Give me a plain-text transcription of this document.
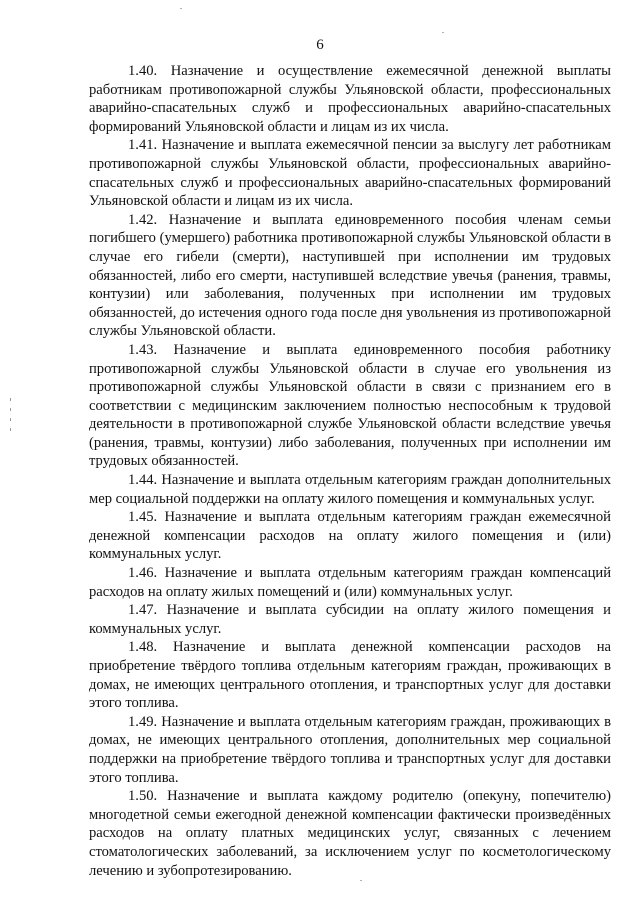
6

1.40. Назначение и осуществление ежемесячной денежной выплаты работникам противопожарной службы Ульяновской области, профессиональных аварийно-спасательных служб и профессиональных аварийно-спасательных формирований Ульяновской области и лицам из их числа.

1.41. Назначение и выплата ежемесячной пенсии за выслугу лет работникам противопожарной службы Ульяновской области, профессиональных аварийно-спасательных служб и профессиональных аварийно-спасательных формирований Ульяновской области и лицам из их числа.

1.42. Назначение и выплата единовременного пособия членам семьи погибшего (умершего) работника противопожарной службы Ульяновской области в случае его гибели (смерти), наступившей при исполнении им трудовых обязанностей, либо его смерти, наступившей вследствие увечья (ранения, травмы, контузии) или заболевания, полученных при исполнении им трудовых обязанностей, до истечения одного года после дня увольнения из противопожарной службы Ульяновской области.

1.43. Назначение и выплата единовременного пособия работнику противопожарной службы Ульяновской области в случае его увольнения из противопожарной службы Ульяновской области в связи с признанием его в соответствии с медицинским заключением полностью неспособным к трудовой деятельности в противопожарной службе Ульяновской области вследствие увечья (ранения, травмы, контузии) либо заболевания, полученных при исполнении им трудовых обязанностей.

1.44. Назначение и выплата отдельным категориям граждан дополнительных мер социальной поддержки на оплату жилого помещения и коммунальных услуг.

1.45. Назначение и выплата отдельным категориям граждан ежемесячной денежной компенсации расходов на оплату жилого помещения и (или) коммунальных услуг.

1.46. Назначение и выплата отдельным категориям граждан компенсаций расходов на оплату жилых помещений и (или) коммунальных услуг.

1.47. Назначение и выплата субсидии на оплату жилого помещения и коммунальных услуг.

1.48. Назначение и выплата денежной компенсации расходов на приобретение твёрдого топлива отдельным категориям граждан, проживающих в домах, не имеющих центрального отопления, и транспортных услуг для доставки этого топлива.

1.49. Назначение и выплата отдельным категориям граждан, проживающих в домах, не имеющих центрального отопления, дополнительных мер социальной поддержки на приобретение твёрдого топлива и транспортных услуг для доставки этого топлива.

1.50. Назначение и выплата каждому родителю (опекуну, попечителю) многодетной семьи ежегодной денежной компенсации фактически произведённых расходов на оплату платных медицинских услуг, связанных с лечением стоматологических заболеваний, за исключением услуг по косметологическому лечению и зубопротезированию.
